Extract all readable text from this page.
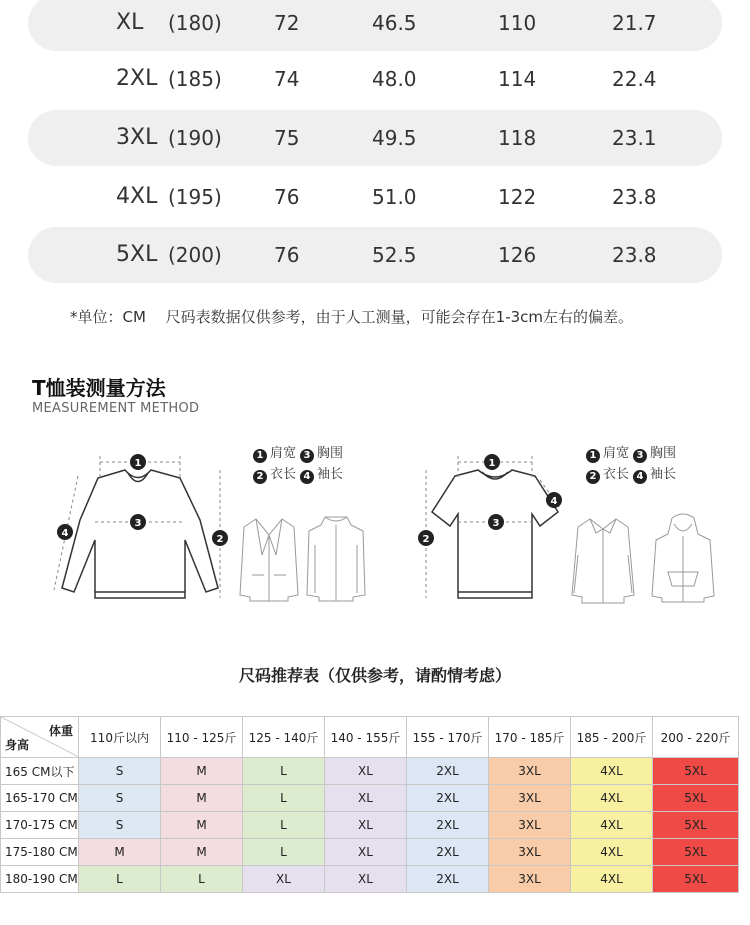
XL (180)	72	46.5	110	21.7
2XL (185)	74	48.0	114	22.4
3XL (190)	75	49.5	118	23.1
4XL (195)	76	51.0	122	23.8
5XL (200)	76	52.5	126	23.8
*单位：CM　 尺码表数据仅供参考，由于人工测量，可能会存在1-3cm左右的偏差。
T恤装测量方法
MEASUREMENT METHOD
1
3
2
4
1 肩宽 3 胸围
2 衣长 4 袖长
1
3
2
4
1 肩宽 3 胸围
2 衣长 4 袖长
尺码推荐表（仅供参考，请酌情考虑）
体重
身高	110斤以内	110 - 125斤	125 - 140斤	140 - 155斤	155 - 170斤	170 - 185斤	185 - 200斤	200 - 220斤
165 CM以下	S	M	L	XL	2XL	3XL	4XL	5XL
165-170 CM	S	M	L	XL	2XL	3XL	4XL	5XL
170-175 CM	S	M	L	XL	2XL	3XL	4XL	5XL
175-180 CM	M	M	L	XL	2XL	3XL	4XL	5XL
180-190 CM	L	L	XL	XL	2XL	3XL	4XL	5XL
